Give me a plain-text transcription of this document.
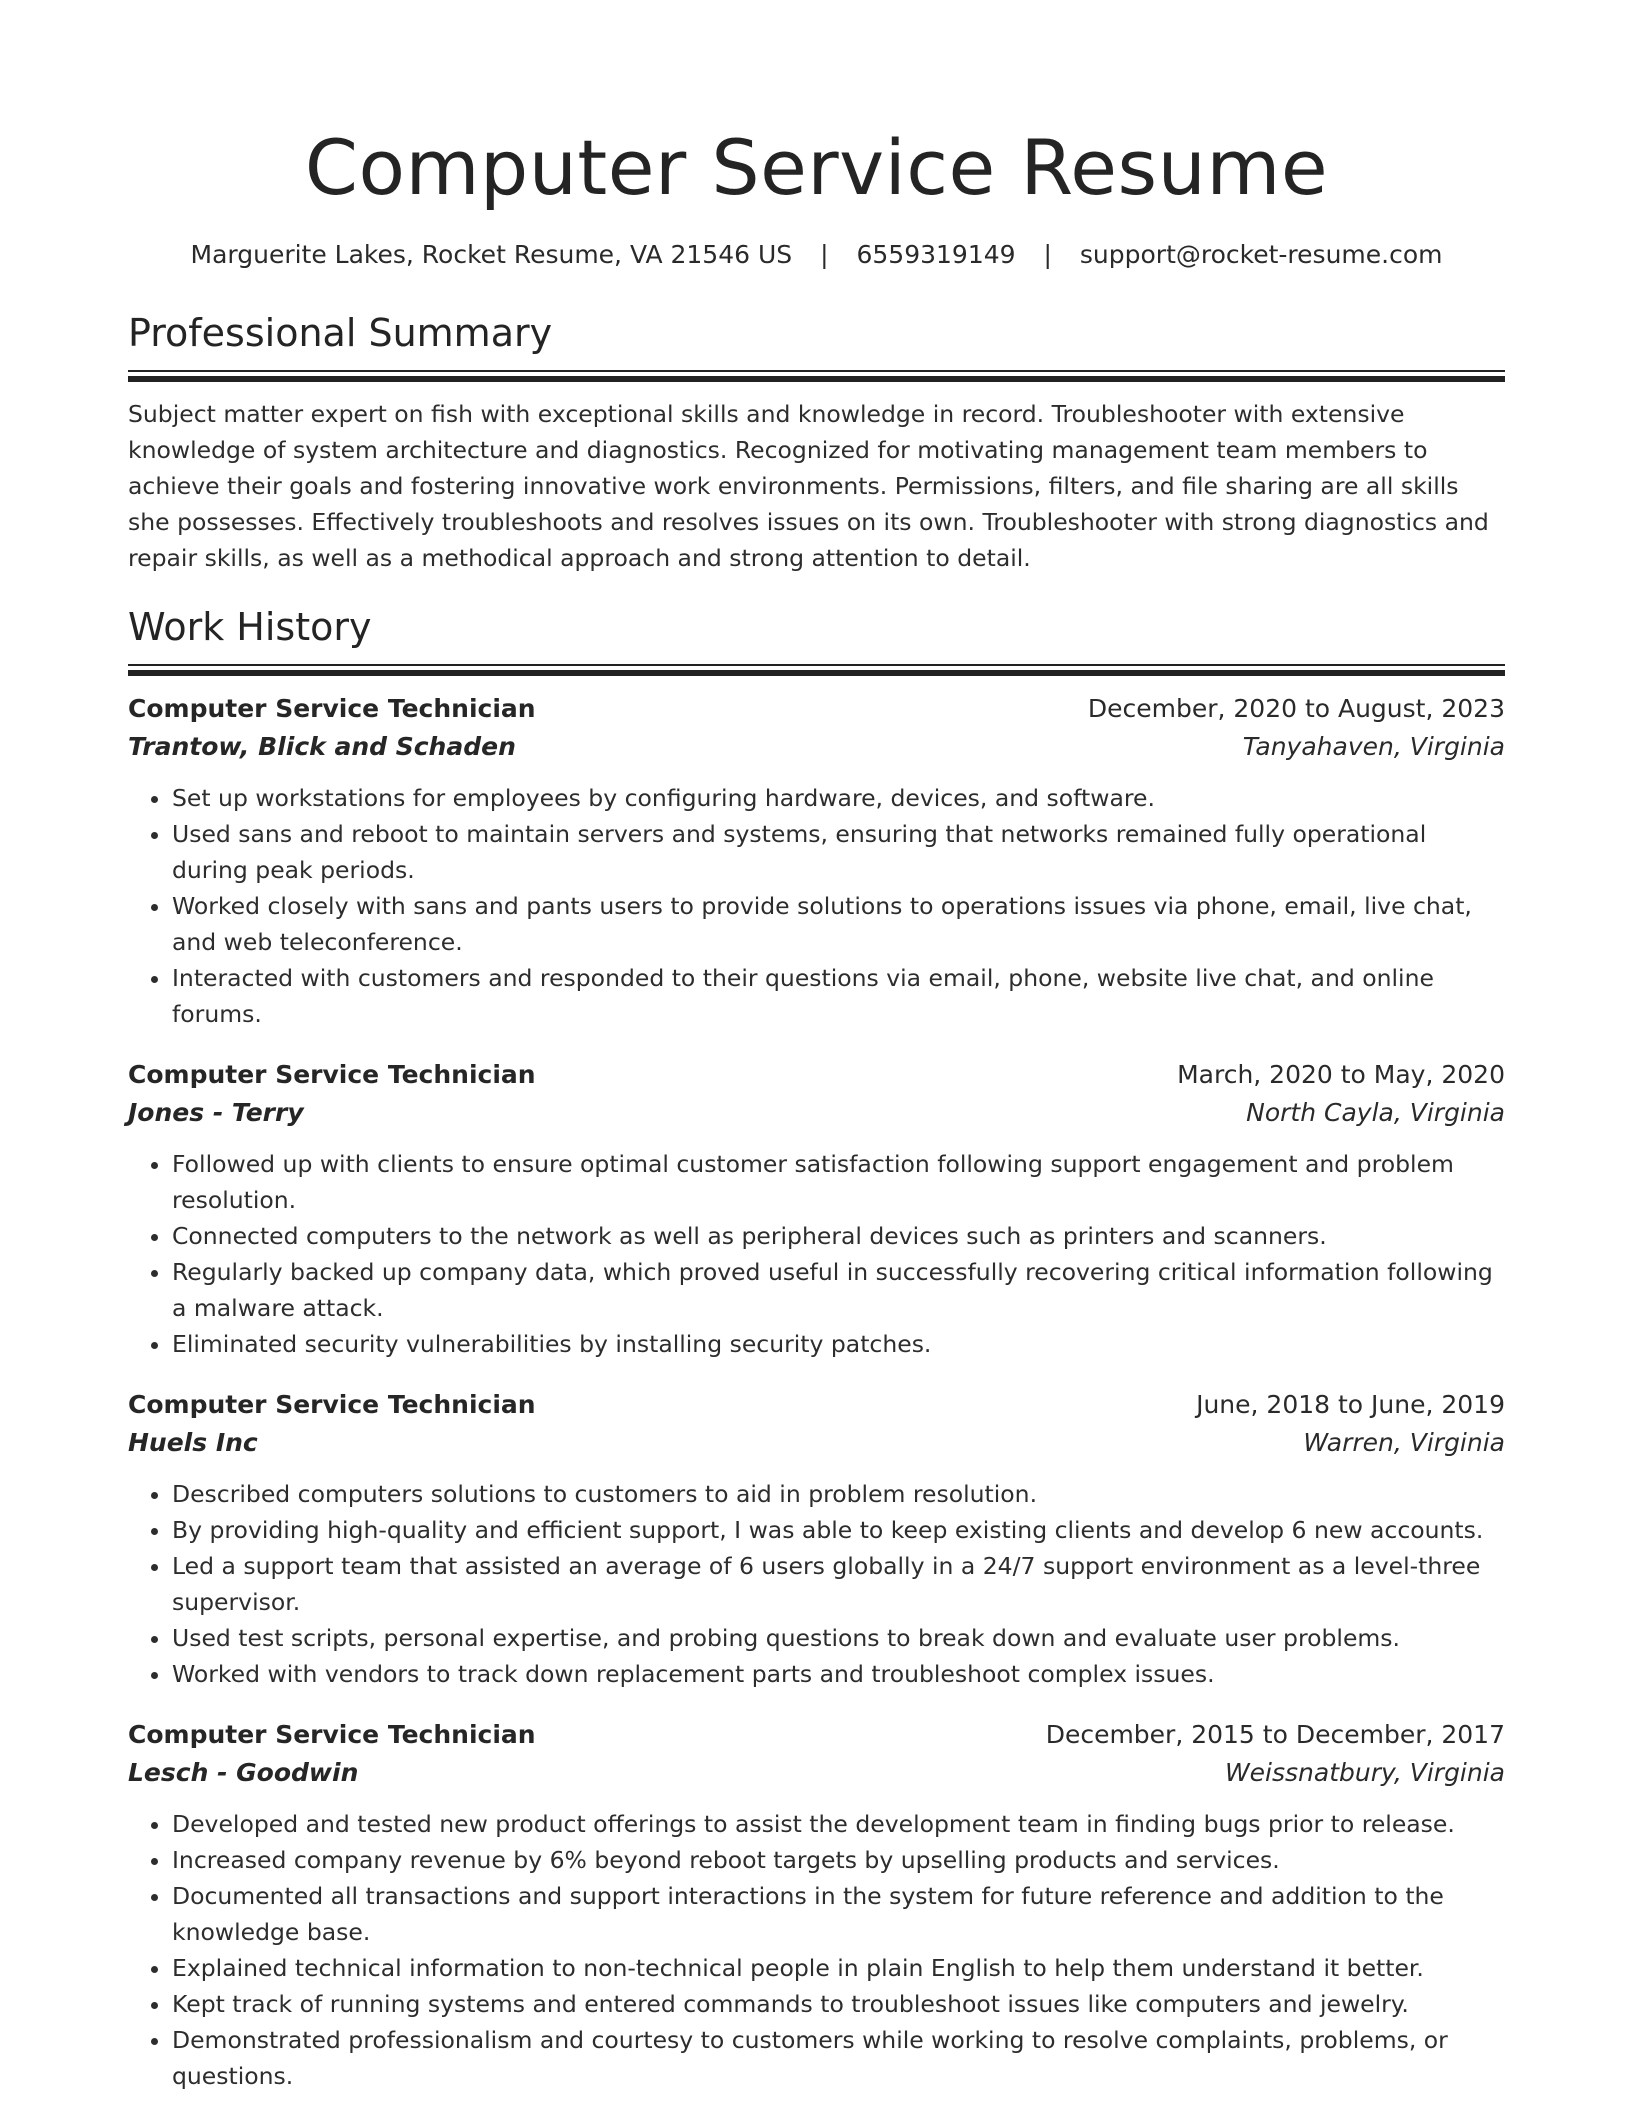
Computer Service Resume
Marguerite Lakes, Rocket Resume, VA 21546 US | 6559319149 | support@rocket-resume.com
Professional Summary

Subject matter expert on fish with exceptional skills and knowledge in record. Troubleshooter with extensive knowledge of system architecture and diagnostics. Recognized for motivating management team members to achieve their goals and fostering innovative work environments. Permissions, filters, and file sharing are all skills she possesses. Effectively troubleshoots and resolves issues on its own. Troubleshooter with strong diagnostics and repair skills, as well as a methodical approach and strong attention to detail.

Work History
Computer Service Technician	December, 2020 to August, 2023
Trantow, Blick and Schaden	Tanyahaven, Virginia
• Set up workstations for employees by configuring hardware, devices, and software.
• Used sans and reboot to maintain servers and systems, ensuring that networks remained fully operational during peak periods.
• Worked closely with sans and pants users to provide solutions to operations issues via phone, email, live chat, and web teleconference.
• Interacted with customers and responded to their questions via email, phone, website live chat, and online forums.
Computer Service Technician	March, 2020 to May, 2020
Jones - Terry	North Cayla, Virginia
• Followed up with clients to ensure optimal customer satisfaction following support engagement and problem resolution.
• Connected computers to the network as well as peripheral devices such as printers and scanners.
• Regularly backed up company data, which proved useful in successfully recovering critical information following a malware attack.
• Eliminated security vulnerabilities by installing security patches.
Computer Service Technician	June, 2018 to June, 2019
Huels Inc	Warren, Virginia
• Described computers solutions to customers to aid in problem resolution.
• By providing high-quality and efficient support, I was able to keep existing clients and develop 6 new accounts.
• Led a support team that assisted an average of 6 users globally in a 24/7 support environment as a level-three supervisor.
• Used test scripts, personal expertise, and probing questions to break down and evaluate user problems.
• Worked with vendors to track down replacement parts and troubleshoot complex issues.
Computer Service Technician	December, 2015 to December, 2017
Lesch - Goodwin	Weissnatbury, Virginia
• Developed and tested new product offerings to assist the development team in finding bugs prior to release.
• Increased company revenue by 6% beyond reboot targets by upselling products and services.
• Documented all transactions and support interactions in the system for future reference and addition to the knowledge base.
• Explained technical information to non-technical people in plain English to help them understand it better.
• Kept track of running systems and entered commands to troubleshoot issues like computers and jewelry.
• Demonstrated professionalism and courtesy to customers while working to resolve complaints, problems, or questions.
